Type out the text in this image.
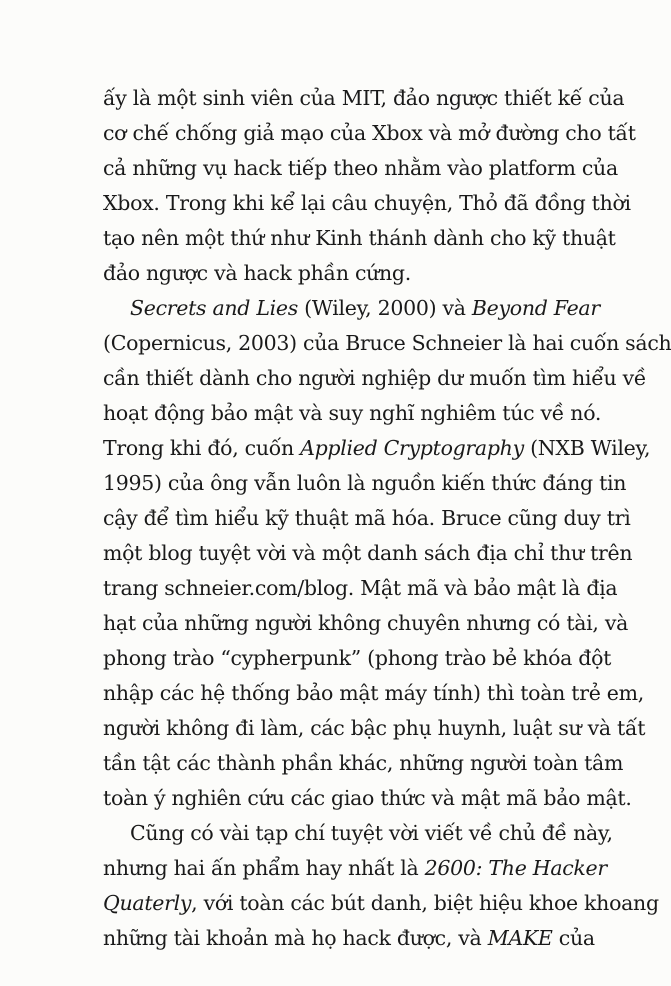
ấy là một sinh viên của MIT, đảo ngược thiết kế của
cơ chế chống giả mạo của Xbox và mở đường cho tất
cả những vụ hack tiếp theo nhằm vào platform của
Xbox. Trong khi kể lại câu chuyện, Thỏ đã đồng thời
tạo nên một thứ như Kinh thánh dành cho kỹ thuật
đảo ngược và hack phần cứng.
Secrets and Lies (Wiley, 2000) và Beyond Fear
(Copernicus, 2003) của Bruce Schneier là hai cuốn sách
cần thiết dành cho người nghiệp dư muốn tìm hiểu về
hoạt động bảo mật và suy nghĩ nghiêm túc về nó.
Trong khi đó, cuốn Applied Cryptography (NXB Wiley,
1995) của ông vẫn luôn là nguồn kiến thức đáng tin
cậy để tìm hiểu kỹ thuật mã hóa. Bruce cũng duy trì
một blog tuyệt vời và một danh sách địa chỉ thư trên
trang schneier.com/blog. Mật mã và bảo mật là địa
hạt của những người không chuyên nhưng có tài, và
phong trào “cypherpunk” (phong trào bẻ khóa đột
nhập các hệ thống bảo mật máy tính) thì toàn trẻ em,
người không đi làm, các bậc phụ huynh, luật sư và tất
tần tật các thành phần khác, những người toàn tâm
toàn ý nghiên cứu các giao thức và mật mã bảo mật.
Cũng có vài tạp chí tuyệt vời viết về chủ đề này,
nhưng hai ấn phẩm hay nhất là 2600: The Hacker
Quaterly, với toàn các bút danh, biệt hiệu khoe khoang
những tài khoản mà họ hack được, và MAKE của
